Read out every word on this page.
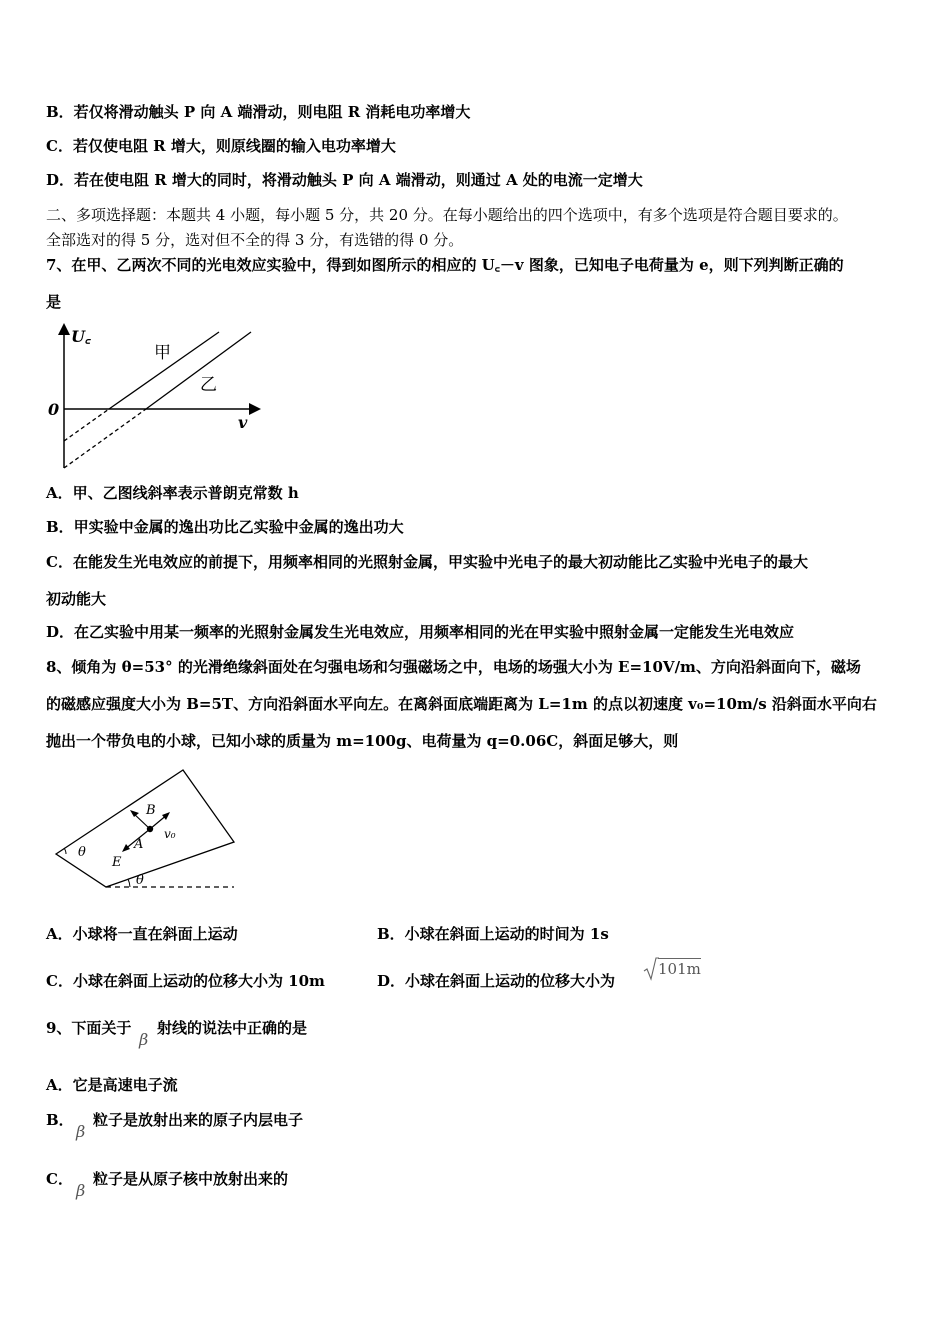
B．若仅将滑动触头 P 向 A 端滑动，则电阻 R 消耗电功率增大
C．若仅使电阻 R 增大，则原线圈的输入电功率增大
D．若在使电阻 R 增大的同时，将滑动触头 P 向 A 端滑动，则通过 A 处的电流一定增大
二、多项选择题：本题共 4 小题，每小题 5 分，共 20 分。在每小题给出的四个选项中，有多个选项是符合题目要求的。
全部选对的得 5 分，选对但不全的得 3 分，有选错的得 0 分。
7、在甲、乙两次不同的光电效应实验中，得到如图所示的相应的 U꜀－v 图象，已知电子电荷量为 e，则下列判断正确的
是
U꜀
v
0
甲
乙
A．甲、乙图线斜率表示普朗克常数 h
B．甲实验中金属的逸出功比乙实验中金属的逸出功大
C．在能发生光电效应的前提下，用频率相同的光照射金属，甲实验中光电子的最大初动能比乙实验中光电子的最大
初动能大
D．在乙实验中用某一频率的光照射金属发生光电效应，用频率相同的光在甲实验中照射金属一定能发生光电效应
8、倾角为 θ=53° 的光滑绝缘斜面处在匀强电场和匀强磁场之中，电场的场强大小为 E=10V/m、方向沿斜面向下，磁场
的磁感应强度大小为 B=5T、方向沿斜面水平向左。在离斜面底端距离为 L=1m 的点以初速度 v₀=10m/s 沿斜面水平向右
抛出一个带负电的小球，已知小球的质量为 m=100g、电荷量为 q=0.06C，斜面足够大，则
B
v₀
A
E
θ
θ
A．小球将一直在斜面上运动	B．小球在斜面上运动的时间为 1s
C．小球在斜面上运动的位移大小为 10m	D．小球在斜面上运动的位移大小为
101m
9、下面关于
β
射线的说法中正确的是
A．它是高速电子流
B．
β
粒子是放射出来的原子内层电子
C．
β
粒子是从原子核中放射出来的
